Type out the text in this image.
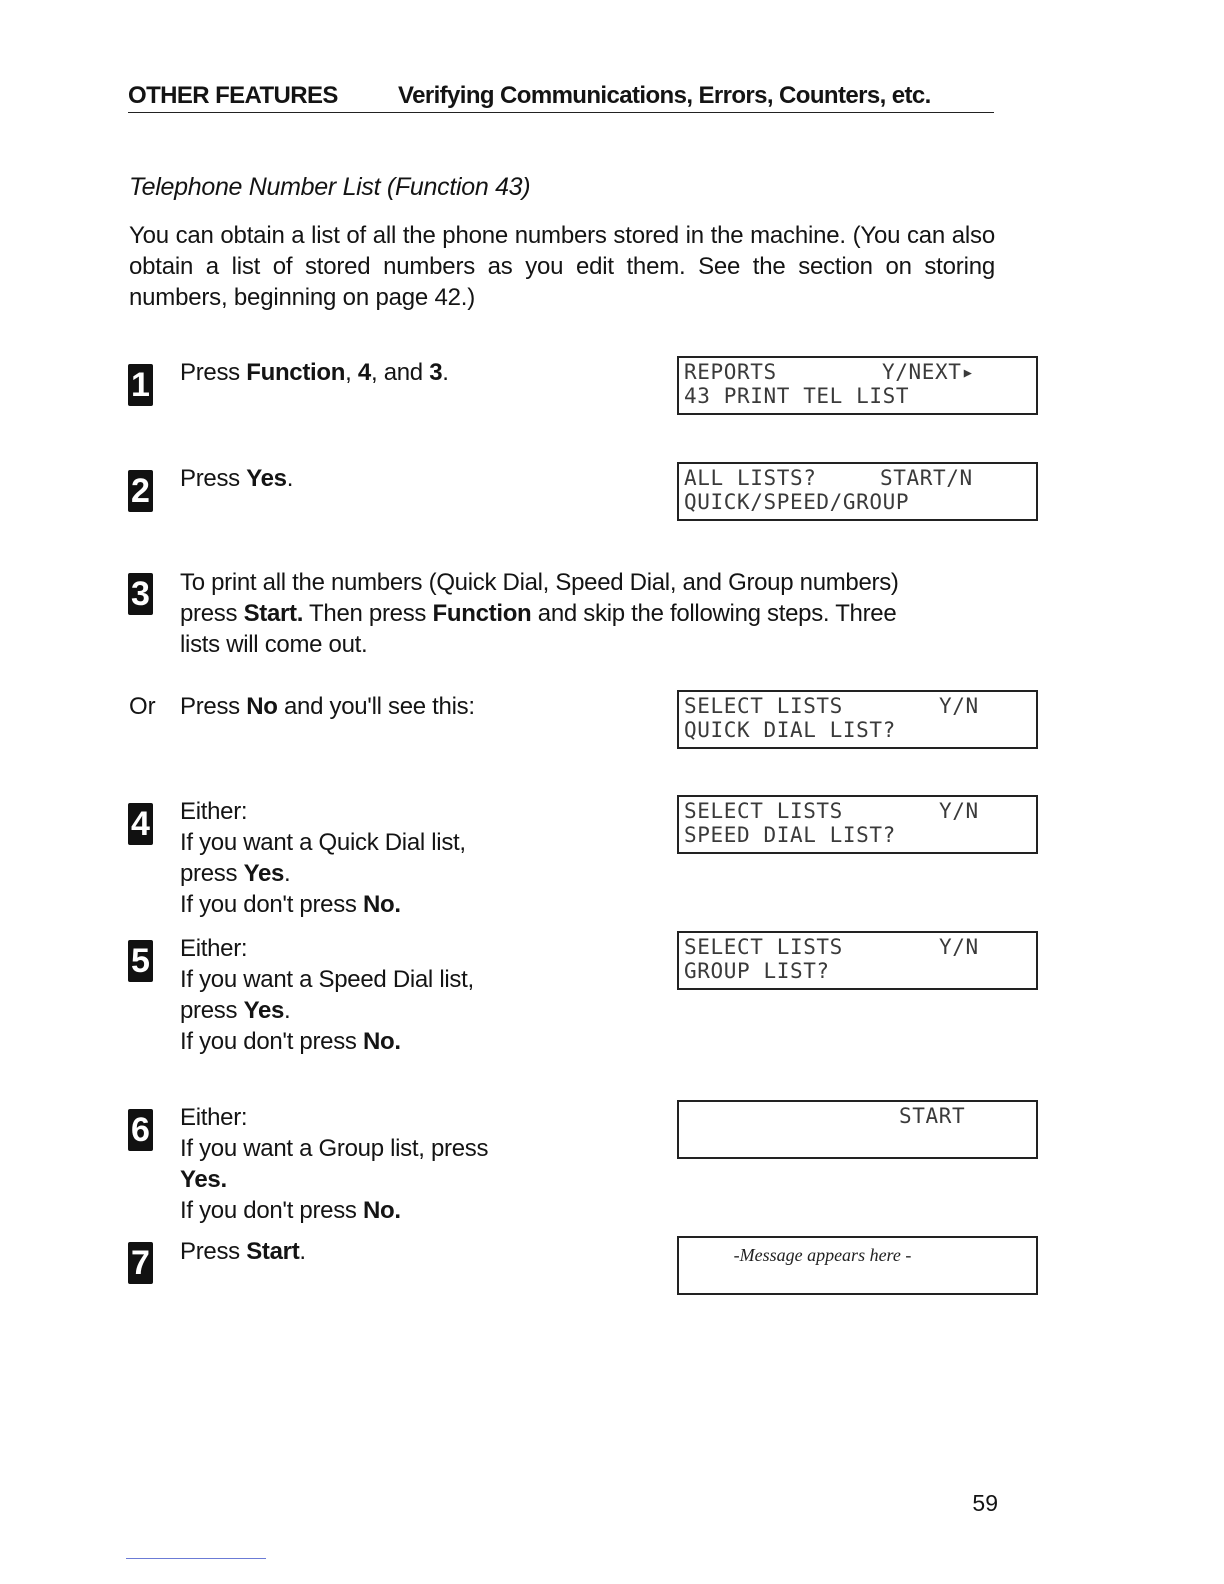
OTHER FEATURES	Verifying Communications, Errors, Counters, etc.
Telephone Number List (Function 43)

You can obtain a list of all the phone numbers stored in the machine. (You can also obtain a list of stored numbers as you edit them. See the section on storing numbers, beginning on page 42.)

1 Press Function, 4, and 3.
2 Press Yes.
3 To print all the numbers (Quick Dial, Speed Dial, and Group numbers)
press Start. Then press Function and skip the following steps. Three
lists will come out.
Or Press No and you'll see this:
4 Either:
If you want a Quick Dial list,
press Yes.
If you don't press No.
5 Either:
If you want a Speed Dial list,
press Yes.
If you don't press No.
6 Either:
If you want a Group list, press
Yes.
If you don't press No.
7 Press Start.
REPORTS	Y/NEXT▸
43 PRINT TEL LIST
ALL LISTS?	START/N
QUICK/SPEED/GROUP
SELECT LISTS	Y/N
QUICK DIAL LIST?
SELECT LISTS	Y/N
SPEED DIAL LIST?
SELECT LISTS	Y/N
GROUP LIST?
START
-Message appears here -
59
